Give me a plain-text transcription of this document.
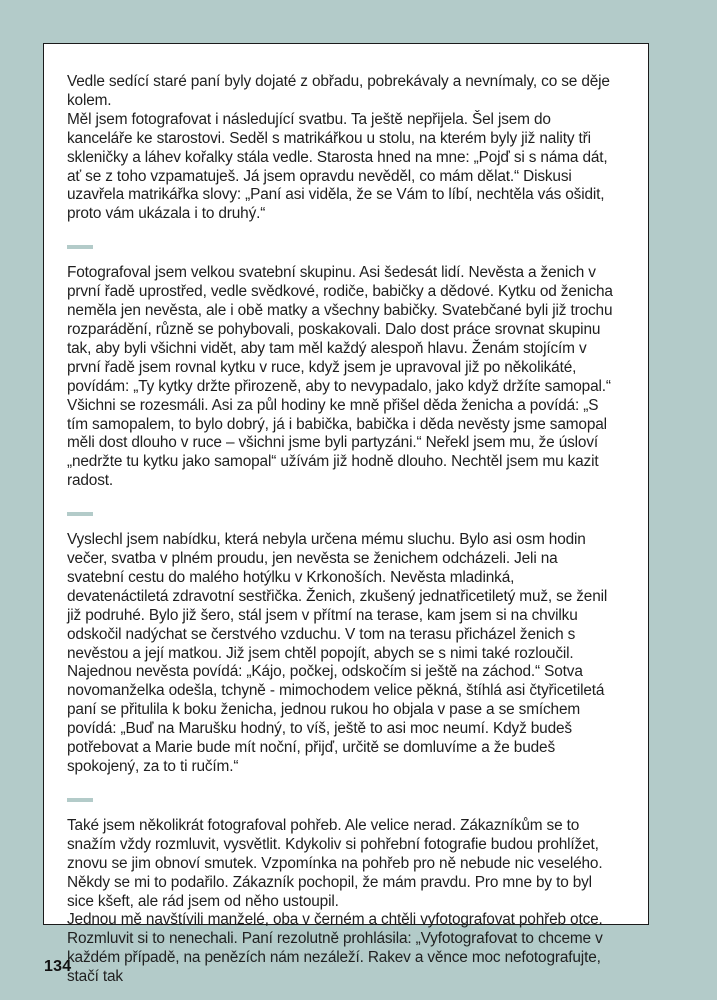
Vedle sedící staré paní byly dojaté z obřadu, pobrekávaly a nevnímaly, co se děje kolem.

Měl jsem fotografovat i následující svatbu. Ta ještě nepřijela. Šel jsem do kanceláře ke starostovi. Seděl s matrikářkou u stolu, na kterém byly již nality tři skleničky a láhev kořalky stála vedle. Starosta hned na mne: „Pojď si s náma dát, ať se z toho vzpamatuješ. Já jsem opravdu nevěděl, co mám dělat.“ Diskusi uzavřela matrikářka slovy: „Paní asi viděla, že se Vám to líbí, nechtěla vás ošidit, proto vám ukázala i to druhý.“

Fotografoval jsem velkou svatební skupinu. Asi šedesát lidí. Nevěsta a ženich v první řadě uprostřed, vedle svědkové, rodiče, babičky a dědové. Kytku od ženicha neměla jen nevěsta, ale i obě matky a všechny babičky. Svatebčané byli již trochu rozparádění, různě se pohybovali, poskakovali. Dalo dost práce srovnat skupinu tak, aby byli všichni vidět, aby tam měl každý alespoň hlavu. Ženám stojícím v první řadě jsem rovnal kytku v ruce, když jsem je upravoval již po několikáté, povídám: „Ty kytky držte přirozeně, aby to nevypadalo, jako když držíte samopal.“ Všichni se rozesmáli. Asi za půl hodiny ke mně přišel děda ženicha a povídá: „S tím samopalem, to bylo dobrý, já i babička, babička i děda nevěsty jsme samopal měli dost dlouho v ruce – všichni jsme byli partyzáni.“ Neřekl jsem mu, že úsloví „nedržte tu kytku jako samopal“ užívám již hodně dlouho. Nechtěl jsem mu kazit radost.

Vyslechl jsem nabídku, která nebyla určena mému sluchu. Bylo asi osm hodin večer, svatba v plném proudu, jen nevěsta se ženichem odcházeli. Jeli na svatební cestu do malého hotýlku v Krkonoších. Nevěsta mladinká, devatenáctiletá zdravotní sestřička. Ženich, zkušený jednatřicetiletý muž, se ženil již podruhé. Bylo již šero, stál jsem v přítmí na terase, kam jsem si na chvilku odskočil nadýchat se čerstvého vzduchu. V tom na terasu přicházel ženich s nevěstou a její matkou. Již jsem chtěl popojít, abych se s nimi také rozloučil. Najednou nevěsta povídá: „Kájo, počkej, odskočím si ještě na záchod.“ Sotva novomanželka odešla, tchyně - mimochodem velice pěkná, štíhlá asi čtyřicetiletá paní se přitulila k boku ženicha, jednou rukou ho objala v pase a se smíchem povídá: „Buď na Marušku hodný, to víš, ještě to asi moc neumí. Když budeš potřebovat a Marie bude mít noční, přijď, určitě se domluvíme a že budeš spokojený, za to ti ručím.“

Také jsem několikrát fotografoval pohřeb. Ale velice nerad. Zákazníkům se to snažím vždy rozmluvit, vysvětlit. Kdykoliv si pohřební fotografie budou prohlížet, znovu se jim obnoví smutek. Vzpomínka na pohřeb pro ně nebude nic veselého. Někdy se mi to podařilo. Zákazník pochopil, že mám pravdu. Pro mne by to byl sice kšeft, ale rád jsem od něho ustoupil.

Jednou mě navštívili manželé, oba v černém a chtěli vyfotografovat pohřeb otce. Rozmluvit si to nenechali. Paní rezolutně prohlásila: „Vyfotografovat to chceme v každém případě, na penězích nám nezáleží. Rakev a věnce moc nefotografujte, stačí tak

134
